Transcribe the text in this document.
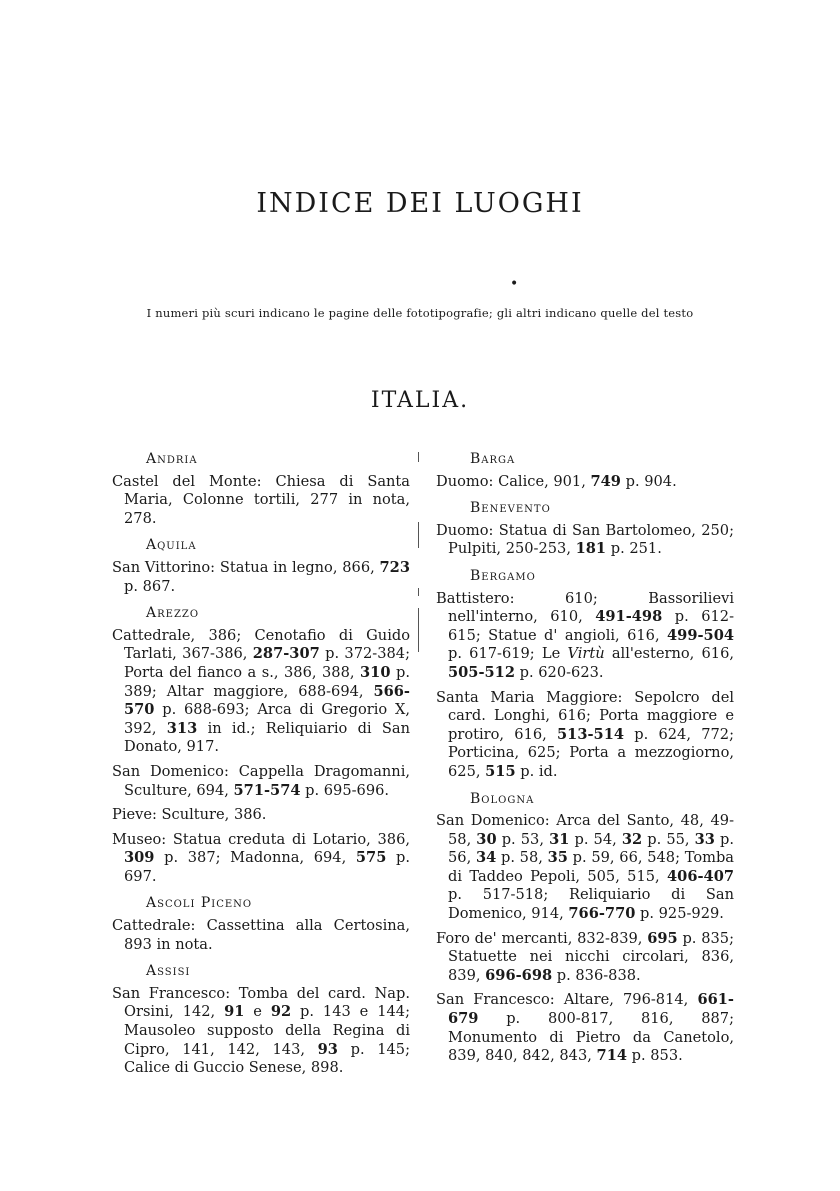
INDICE DEI LUOGHI
•
I numeri più scuri indicano le pagine delle fototipografie; gli altri indicano quelle del testo
ITALIA.
Andria

Castel del Monte: Chiesa di Santa Maria, Colonne tortili, 277 in nota, 278.

Aquila

San Vittorino: Statua in legno, 866, 723 p. 867.

Arezzo

Cattedrale, 386; Cenotafio di Guido Tarlati, 367-386, 287-307 p. 372-384; Porta del fianco a s., 386, 388, 310 p. 389; Altar maggiore, 688-694, 566-570 p. 688-693; Arca di Gregorio X, 392, 313 in id.; Reliquiario di San Donato, 917.

San Domenico: Cappella Dragomanni, Sculture, 694, 571-574 p. 695-696.

Pieve: Sculture, 386.

Museo: Statua creduta di Lotario, 386, 309 p. 387; Madonna, 694, 575 p. 697.

Ascoli Piceno

Cattedrale: Cassettina alla Certosina, 893 in nota.

Assisi

San Francesco: Tomba del card. Nap. Orsini, 142, 91 e 92 p. 143 e 144; Mausoleo supposto della Regina di Cipro, 141, 142, 143, 93 p. 145; Calice di Guccio Senese, 898.

Barga

Duomo: Calice, 901, 749 p. 904.

Benevento

Duomo: Statua di San Bartolomeo, 250; Pulpiti, 250-253, 181 p. 251.

Bergamo

Battistero: 610; Bassorilievi nell'interno, 610, 491-498 p. 612-615; Statue d' angioli, 616, 499-504 p. 617-619; Le Virtù all'esterno, 616, 505-512 p. 620-623.

Santa Maria Maggiore: Sepolcro del card. Longhi, 616; Porta maggiore e protiro, 616, 513-514 p. 624, 772; Porticina, 625; Porta a mezzogiorno, 625, 515 p. id.

Bologna

San Domenico: Arca del Santo, 48, 49-58, 30 p. 53, 31 p. 54, 32 p. 55, 33 p. 56, 34 p. 58, 35 p. 59, 66, 548; Tomba di Taddeo Pepoli, 505, 515, 406-407 p. 517-518; Reliquiario di San Domenico, 914, 766-770 p. 925-929.

Foro de' mercanti, 832-839, 695 p. 835; Statuette nei nicchi circolari, 836, 839, 696-698 p. 836-838.

San Francesco: Altare, 796-814, 661-679 p. 800-817, 816, 887; Monumento di Pietro da Canetolo, 839, 840, 842, 843, 714 p. 853.
